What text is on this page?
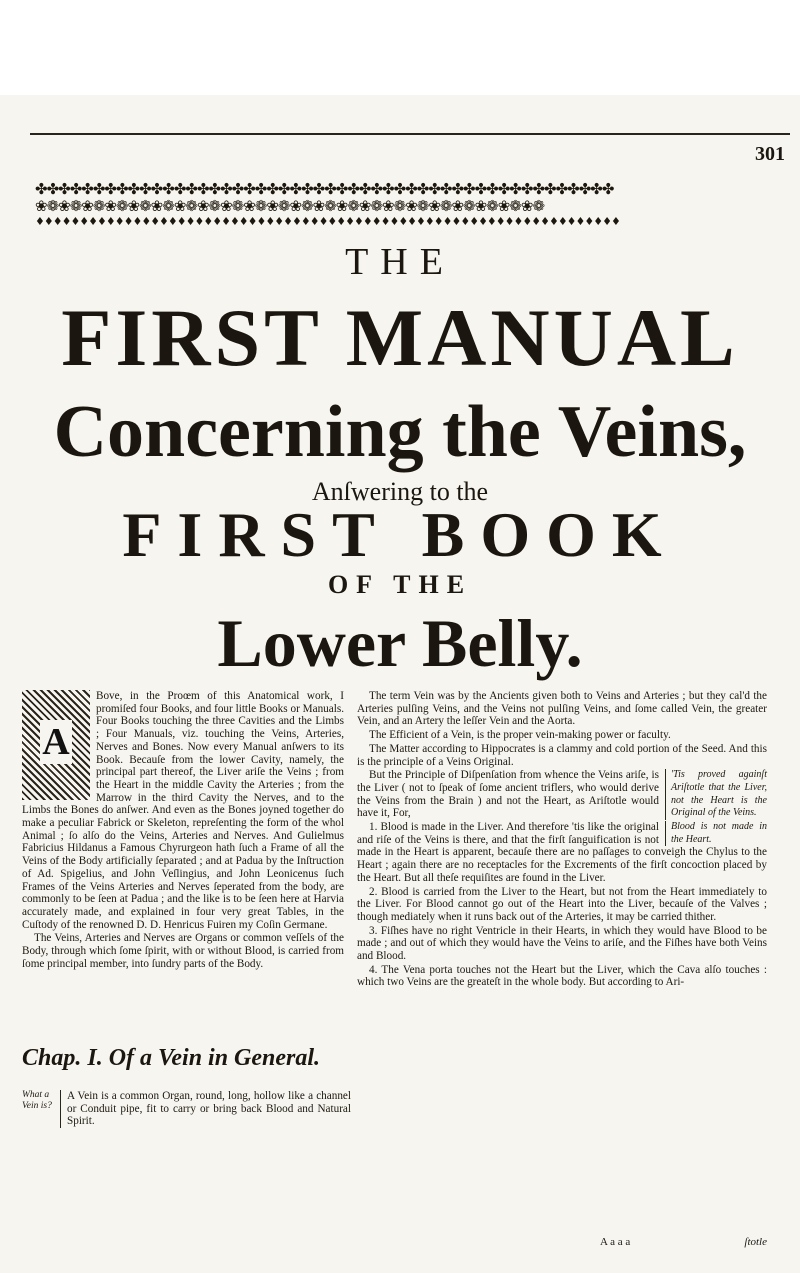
301
✤✤✤✤✤✤✤✤✤✤✤✤✤✤✤✤✤✤✤✤✤✤✤✤✤✤✤✤✤✤✤✤✤✤✤✤✤✤✤✤✤✤✤✤✤✤✤✤✤✤
❀❁❀❁❀❁❀❁❀❁❀❁❀❁❀❁❀❁❀❁❀❁❀❁❀❁❀❁❀❁❀❁❀❁❀❁❀❁❀❁❀❁❀❁
♦♦♦♦♦♦♦♦♦♦♦♦♦♦♦♦♦♦♦♦♦♦♦♦♦♦♦♦♦♦♦♦♦♦♦♦♦♦♦♦♦♦♦♦♦♦♦♦♦♦♦♦♦♦♦♦♦♦♦♦♦♦♦♦♦♦
THE
FIRST MANUAL
Concerning the Veins,
Anſwering to the
FIRST BOOK
OF THE
Lower Belly.
A

Bove, in the Proœm of this Anatomical work, I promiſed four Books, and four little Books or Manuals. Four Books touching the three Cavities and the Limbs ; Four Manuals, viz. touching the Veins, Arteries, Nerves and Bones. Now every Manual anſwers to its Book. Becauſe from the lower Cavity, namely, the principal part thereof, the Liver ariſe the Veins ; from the Heart in the middle Cavity the Arteries ; from the Marrow in the third Cavity the Nerves, and to the Limbs the Bones do anſwer. And even as the Bones joyned together do make a peculiar Fabrick or Skeleton, repreſenting the form of the whol Animal ; ſo alſo do the Veins, Arteries and Nerves. And Gulielmus Fabricius Hildanus a Famous Chyrurgeon hath ſuch a Frame of all the Veins of the Body artificially ſeparated ; and at Padua by the Inſtruction of Ad. Spigelius, and John Veſlingius, and John Leonicenus ſuch Frames of the Veins Arteries and Nerves ſeperated from the body, are commonly to be ſeen at Padua ; and the like is to be ſeen here at Harvia accurately made, and explained in four very great Tables, in the Cuſtody of the renowned D. D. Henricus Fuiren my Coſin Germane.

The Veins, Arteries and Nerves are Organs or common veſſels of the Body, through which ſome ſpirit, with or without Blood, is carried from ſome principal member, into ſundry parts of the Body.

Chap. I. Of a Vein in General.
What a Vein is?
A Vein is a common Organ, round, long, hollow like a channel or Conduit pipe, fit to carry or bring back Blood and Natural Spirit.

The term Vein was by the Ancients given both to Veins and Arteries ; but they cal'd the Arteries pulſing Veins, and the Veins not pulſing Veins, and ſome called Vein, the greater Vein, and an Artery the leſſer Vein and the Aorta.

The Efficient of a Vein, is the proper vein-making power or faculty.

The Matter according to Hippocrates is a clammy and cold portion of the Seed. And this is the principle of a Veins Original.

'Tis proved againſt Ariſtotle that the Liver, not the Heart is the Original of the Veins.

But the Principle of Diſpenſation from whence the Veins ariſe, is the Liver ( not to ſpeak of ſome ancient triflers, who would derive the Veins from the Brain ) and not the Heart, as Ariſtotle would have it, For,

Blood is not made in the Heart.

1. Blood is made in the Liver. And therefore 'tis like the original and riſe of the Veins is there, and that the firſt ſanguification is not made in the Heart is apparent, becauſe there are no paſſages to conveigh the Chylus to the Heart ; again there are no receptacles for the Excrements of the firſt concoction placed by the Heart. But all theſe requiſites are found in the Liver.

2. Blood is carried from the Liver to the Heart, but not from the Heart immediately to the Liver. For Blood cannot go out of the Heart into the Liver, becauſe of the Valves ; though mediately when it runs back out of the Arteries, it may be carried thither.

3. Fiſhes have no right Ventricle in their Hearts, in which they would have Blood to be made ; and out of which they would have the Veins to ariſe, and the Fiſhes have both Veins and Blood.

4. The Vena porta touches not the Heart but the Liver, which the Cava alſo touches : which two Veins are the greateſt in the whole body. But according to Ari-

A a a a	ſtotle
